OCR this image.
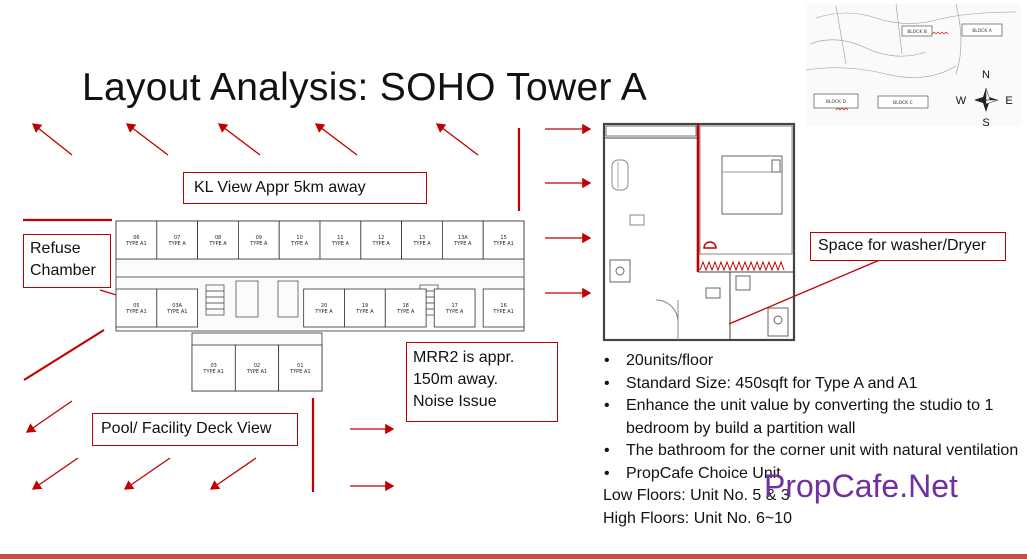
Layout Analysis: SOHO Tower A
06
TYPE A1
07
TYPE A
08
TYPE A
09
TYPE A
10
TYPE A
11
TYPE A
12
TYPE A
13
TYPE A
13A
TYPE A
15
TYPE A1
05
TYPE A1
03A
TYPE A1
20
TYPE A
19
TYPE A
18
TYPE A
17
TYPE A
16
TYPE A1
03
TYPE A1
02
TYPE A1
01
TYPE A1
KL View Appr 5km away
Refuse
Chamber
Space for washer/Dryer
MRR2 is appr.
150m away.
Noise Issue
Pool/ Facility Deck View
BLOCK B	BLOCK A
BLOCK D	BLOCK C
N
S
E
W
• 20units/floor
• Standard Size: 450sqft for Type A and A1
• Enhance the unit value by converting the studio to 1 bedroom by build a partition wall
• The bathroom for the corner unit with natural ventilation
• PropCafe Choice Unit
Low Floors: Unit No. 5 & 3
High Floors: Unit No. 6~10
PropCafe.Net
